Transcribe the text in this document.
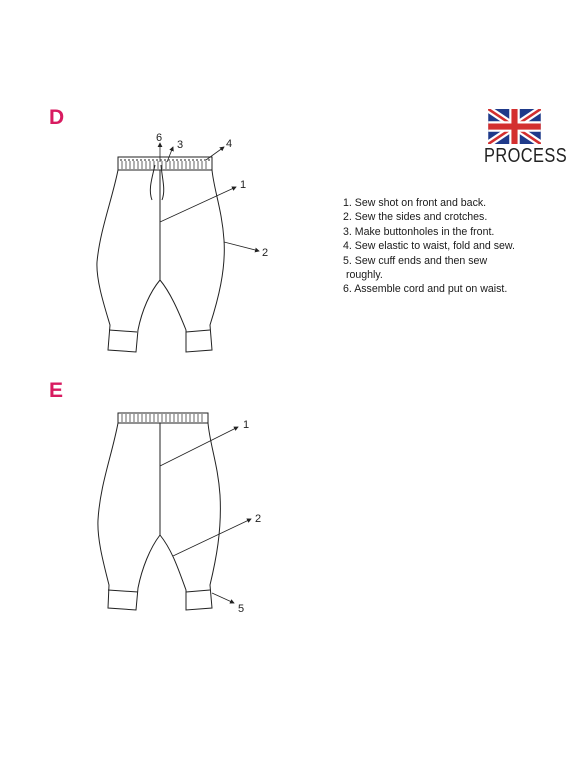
D
E
6
3	4
1
2
1
2
5
PROCESS
1. Sew shot on front and back.
2. Sew the sides and crotches.
3. Make buttonholes in the front.
4. Sew elastic to waist, fold and sew.
5. Sew cuff ends and then sew
roughly.
6. Assemble cord and put on waist.
